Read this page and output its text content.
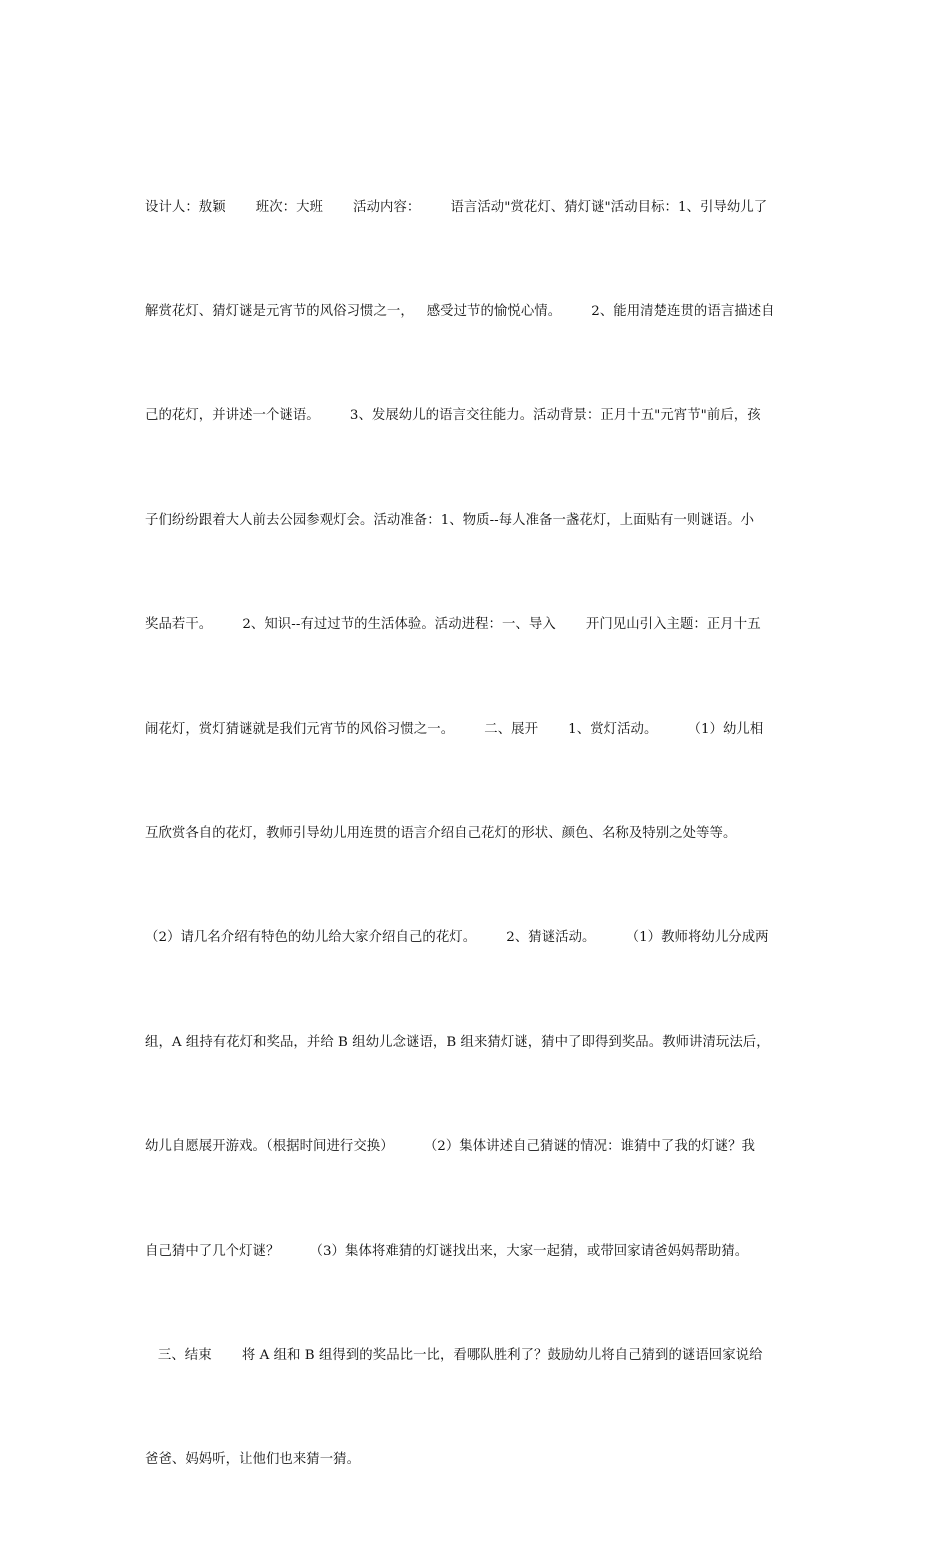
设计人：敖颖       班次：大班       活动内容：       语言活动"赏花灯、猜灯谜"活动目标：1、引导幼儿了

解赏花灯、猜灯谜是元宵节的风俗习惯之一，   感受过节的愉悦心情。       2、能用清楚连贯的语言描述自

己的花灯，并讲述一个谜语。       3、发展幼儿的语言交往能力。活动背景：正月十五"元宵节"前后，孩

子们纷纷跟着大人前去公园参观灯会。活动准备：1、物质--每人准备一盏花灯，上面贴有一则谜语。小

奖品若干。       2、知识--有过过节的生活体验。活动进程：一、导入       开门见山引入主题：正月十五

闹花灯，赏灯猜谜就是我们元宵节的风俗习惯之一。       二、展开       1、赏灯活动。       （1）幼儿相

互欣赏各自的花灯，教师引导幼儿用连贯的语言介绍自己花灯的形状、颜色、名称及特别之处等等。

（2）请几名介绍有特色的幼儿给大家介绍自己的花灯。       2、猜谜活动。       （1）教师将幼儿分成两

组，A 组持有花灯和奖品，并给 B 组幼儿念谜语，B 组来猜灯谜，猜中了即得到奖品。教师讲清玩法后，

幼儿自愿展开游戏。（根据时间进行交换）       （2）集体讲述自己猜谜的情况：谁猜中了我的灯谜？我

自己猜中了几个灯谜？       （3）集体将难猜的灯谜找出来，大家一起猜，或带回家请爸妈妈帮助猜。

三、结束       将 A 组和 B 组得到的奖品比一比，看哪队胜利了？鼓励幼儿将自己猜到的谜语回家说给

爸爸、妈妈听，让他们也来猜一猜。
